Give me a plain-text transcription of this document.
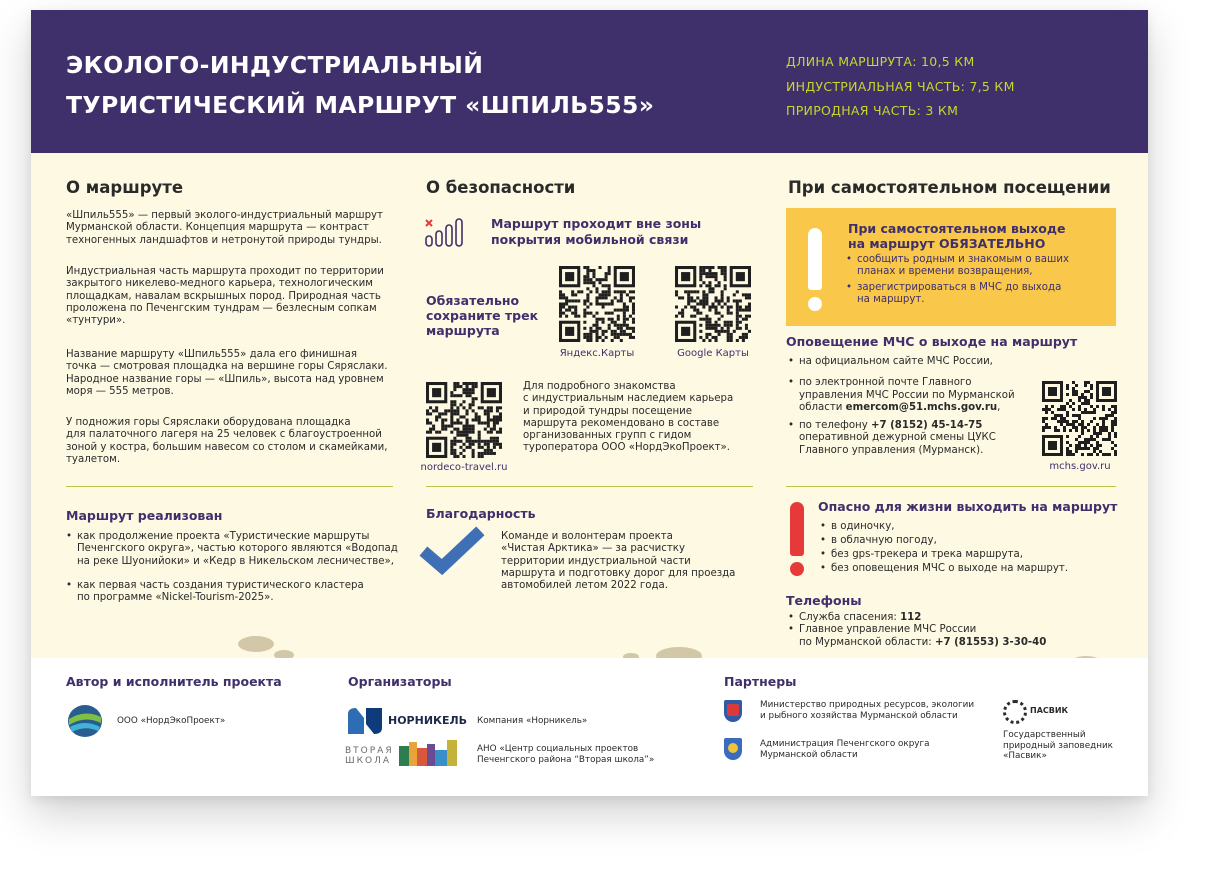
ЭКОЛОГО-ИНДУСТРИАЛЬНЫЙ
ТУРИСТИЧЕСКИЙ МАРШРУТ «ШПИЛЬ555»
ДЛИНА МАРШРУТА: 10,5 КМ
ИНДУСТРИАЛЬНАЯ ЧАСТЬ: 7,5 КМ
ПРИРОДНАЯ ЧАСТЬ: 3 КМ
О маршруте
«Шпиль555» — первый эколого-индустриальный маршрут
Мурманской области. Концепция маршрута — контраст
техногенных ландшафтов и нетронутой природы тундры.
Индустриальная часть маршрута проходит по территории
закрытого никелево-медного карьера, технологическим
площадкам, навалам вскрышных пород. Природная часть
проложена по Печенгским тундрам — безлесным сопкам
«тунтури».
Название маршруту «Шпиль555» дала его финишная
точка — смотровая площадка на вершине горы Сяряслаки.
Народное название горы — «Шпиль», высота над уровнем
моря — 555 метров.
У подножия горы Сяряслаки оборудована площадка
для палаточного лагеря на 25 человек с благоустроенной
зоной у костра, большим навесом со столом и скамейками,
туалетом.
Маршрут реализован
• как продолжение проекта «Туристические маршруты
Печенгского округа», частью которого являются «Водопад
на реке Шуонийоки» и «Кедр в Никельском лесничестве»,
• как первая часть создания туристического кластера
по программе «Nickel-Tourism-2025».
О безопасности
Маршрут проходит вне зоны
покрытия мобильной связи
Обязательно
сохраните трек
маршрута
Яндекс.Карты	Google Карты
nordeco-travel.ru
Для подробного знакомства
с индустриальным наследием карьера
и природой тундры посещение
маршрута рекомендовано в составе
организованных групп с гидом
туроператора ООО «НордЭкоПроект».
Благодарность
ЧИСТАЯ АРКТИКА
Команде и волонтерам проекта
«Чистая Арктика» — за расчистку
территории индустриальной части
маршрута и подготовку дорог для проезда
автомобилей летом 2022 года.
При самостоятельном посещении
При самостоятельном выходе
на маршрут ОБЯЗАТЕЛЬНО
• сообщить родным и знакомым о ваших
планах и времени возвращения,
• зарегистрироваться в МЧС до выхода
на маршрут.
Оповещение МЧС о выходе на маршрут
• на официальном сайте МЧС России,
• по электронной почте Главного
управления МЧС России по Мурманской
области emercom@51.mchs.gov.ru,
• по телефону +7 (8152) 45-14-75
оперативной дежурной смены ЦУКС
Главного управления (Мурманск).
mchs.gov.ru
Опасно для жизни выходить на маршрут
• в одиночку,
• в облачную погоду,
• без gps-трекера и трека маршрута,
• без оповещения МЧС о выходе на маршрут.
Телефоны
• Служба спасения: 112
• Главное управление МЧС России
по Мурманской области: +7 (81553) 3-30-40
Автор и исполнитель проекта
ООО «НордЭкоПроект»
Организаторы
НОРНИКЕЛЬ Компания «Норникель»
ВТОРАЯ
ШКОЛА
АНО «Центр социальных проектов
Печенгского района “Вторая школа”»
Партнеры
Министерство природных ресурсов, экологии
и рыбного хозяйства Мурманской области
Администрация Печенгского округа
Мурманской области
ПАСВИК
Государственный
природный заповедник
«Пасвик»
